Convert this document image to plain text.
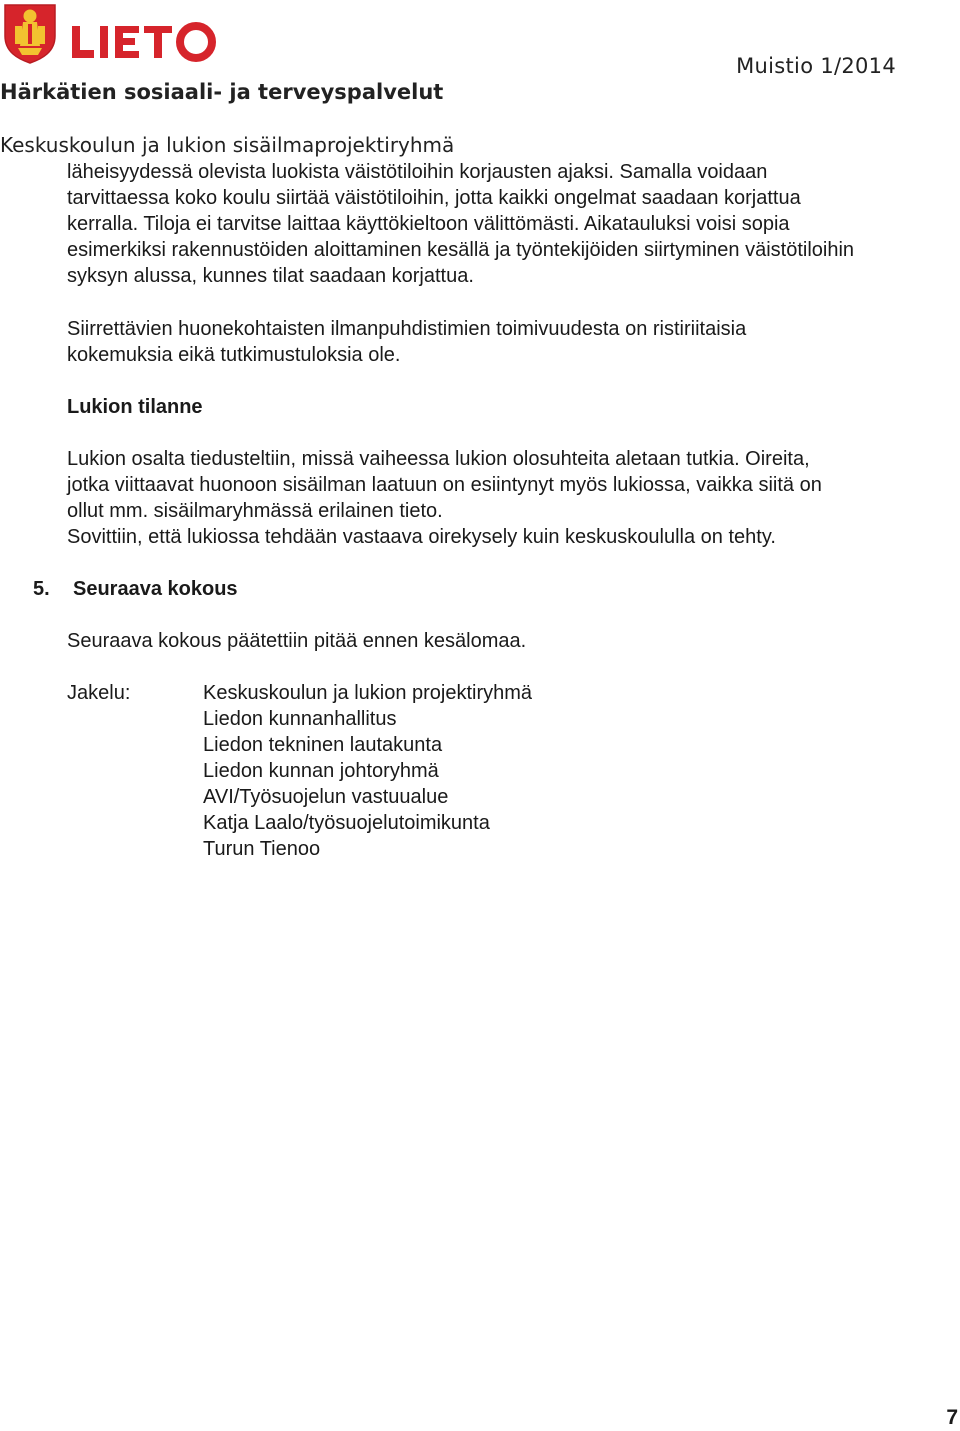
Muistio 1/2014
Härkätien sosiaali- ja terveyspalvelut
Keskuskoulun ja lukion sisäilmaprojektiryhmä

läheisyydessä olevista luokista väistötiloihin korjausten ajaksi. Samalla voidaan
tarvittaessa koko koulu siirtää väistötiloihin, jotta kaikki ongelmat saadaan korjattua
kerralla. Tiloja ei tarvitse laittaa käyttökieltoon välittömästi. Aikatauluksi voisi sopia
esimerkiksi rakennustöiden aloittaminen kesällä ja työntekijöiden siirtyminen väistötiloihin
syksyn alussa, kunnes tilat saadaan korjattua.

Siirrettävien huonekohtaisten ilmanpuhdistimien toimivuudesta on ristiriitaisia
kokemuksia eikä tutkimustuloksia ole.

Lukion tilanne

Lukion osalta tiedusteltiin, missä vaiheessa lukion olosuhteita aletaan tutkia. Oireita,
jotka viittaavat huonoon sisäilman laatuun on esiintynyt myös lukiossa, vaikka siitä on
ollut mm. sisäilmaryhmässä erilainen tieto.
Sovittiin, että lukiossa tehdään vastaava oirekysely kuin keskuskoululla on tehty.

5. Seuraava kokous

Seuraava kokous päätettiin pitää ennen kesälomaa.

Jakelu:	Keskuskoulun ja lukion projektiryhmä
Liedon kunnanhallitus
Liedon tekninen lautakunta
Liedon kunnan johtoryhmä
AVI/Työsuojelun vastuualue
Katja Laalo/työsuojelutoimikunta
Turun Tienoo
7
